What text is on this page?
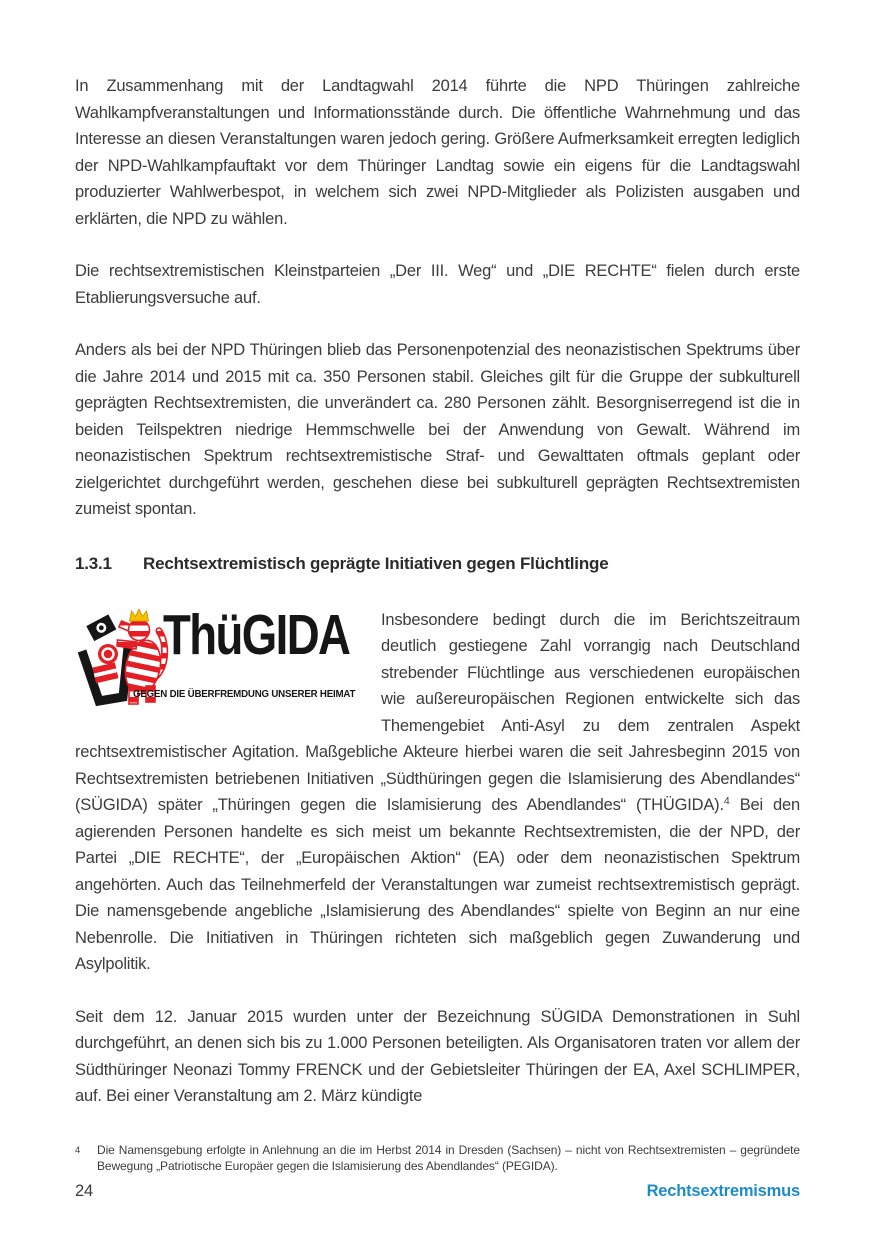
In Zusammenhang mit der Landtagwahl 2014 führte die NPD Thüringen zahlreiche Wahlkampfveranstaltungen und Informationsstände durch. Die öffentliche Wahrnehmung und das Interesse an diesen Veranstaltungen waren jedoch gering. Größere Aufmerksamkeit erregten lediglich der NPD-Wahlkampfauftakt vor dem Thüringer Landtag sowie ein eigens für die Landtagswahl produzierter Wahlwerbespot, in welchem sich zwei NPD-Mitglieder als Polizisten ausgaben und erklärten, die NPD zu wählen.

Die rechtsextremistischen Kleinstparteien „Der III. Weg“ und „DIE RECHTE“ fielen durch erste Etablierungsversuche auf.

Anders als bei der NPD Thüringen blieb das Personenpotenzial des neonazistischen Spektrums über die Jahre 2014 und 2015 mit ca. 350 Personen stabil. Gleiches gilt für die Gruppe der subkulturell geprägten Rechtsextremisten, die unverändert ca. 280 Personen zählt. Besorgniserregend ist die in beiden Teilspektren niedrige Hemmschwelle bei der Anwendung von Gewalt. Während im neonazistischen Spektrum rechtsextremistische Straf- und Gewalttaten oftmals geplant oder zielgerichtet durchgeführt werden, geschehen diese bei subkulturell geprägten Rechtsextremisten zumeist spontan.

1.3.1	Rechtsextremistisch geprägte Initiativen gegen Flüchtlinge

ThüGIDA
GEGEN DIE ÜBERFREMDUNG UNSERER HEIMAT
Insbesondere bedingt durch die im Berichtszeitraum deutlich gestiegene Zahl vorrangig nach Deutschland strebender Flüchtlinge aus verschiedenen europäischen wie außereuropäischen Regionen entwickelte sich das Themengebiet Anti-Asyl zu dem zentralen Aspekt rechtsextremistischer Agitation. Maßgebliche Akteure hierbei waren die seit Jahresbeginn 2015 von Rechtsextremisten betriebenen Initiativen „Südthüringen gegen die Islamisierung des Abendlandes“ (SÜGIDA) später „Thüringen gegen die Islamisierung des Abendlandes“ (THÜGIDA).$^4$ Bei den agierenden Personen handelte es sich meist um bekannte Rechtsextremisten, die der NPD, der Partei „DIE RECHTE“, der „Europäischen Aktion“ (EA) oder dem neonazistischen Spektrum angehörten. Auch das Teilnehmerfeld der Veranstaltungen war zumeist rechtsextremistisch geprägt. Die namensgebende angebliche „Islamisierung des Abendlandes“ spielte von Beginn an nur eine Nebenrolle. Die Initiativen in Thüringen richteten sich maßgeblich gegen Zuwanderung und Asylpolitik.

Seit dem 12. Januar 2015 wurden unter der Bezeichnung SÜGIDA Demonstrationen in Suhl durchgeführt, an denen sich bis zu 1.000 Personen beteiligten. Als Organisatoren traten vor allem der Südthüringer Neonazi Tommy FRENCK und der Gebietsleiter Thüringen der EA, Axel SCHLIMPER, auf. Bei einer Veranstaltung am 2. März kündigte

4	Die Namensgebung erfolgte in Anlehnung an die im Herbst 2014 in Dresden (Sachsen) – nicht von Rechtsextremisten – gegründete Bewegung „Patriotische Europäer gegen die Islamisierung des Abendlandes“ (PEGIDA).
24	Rechtsextremismus
